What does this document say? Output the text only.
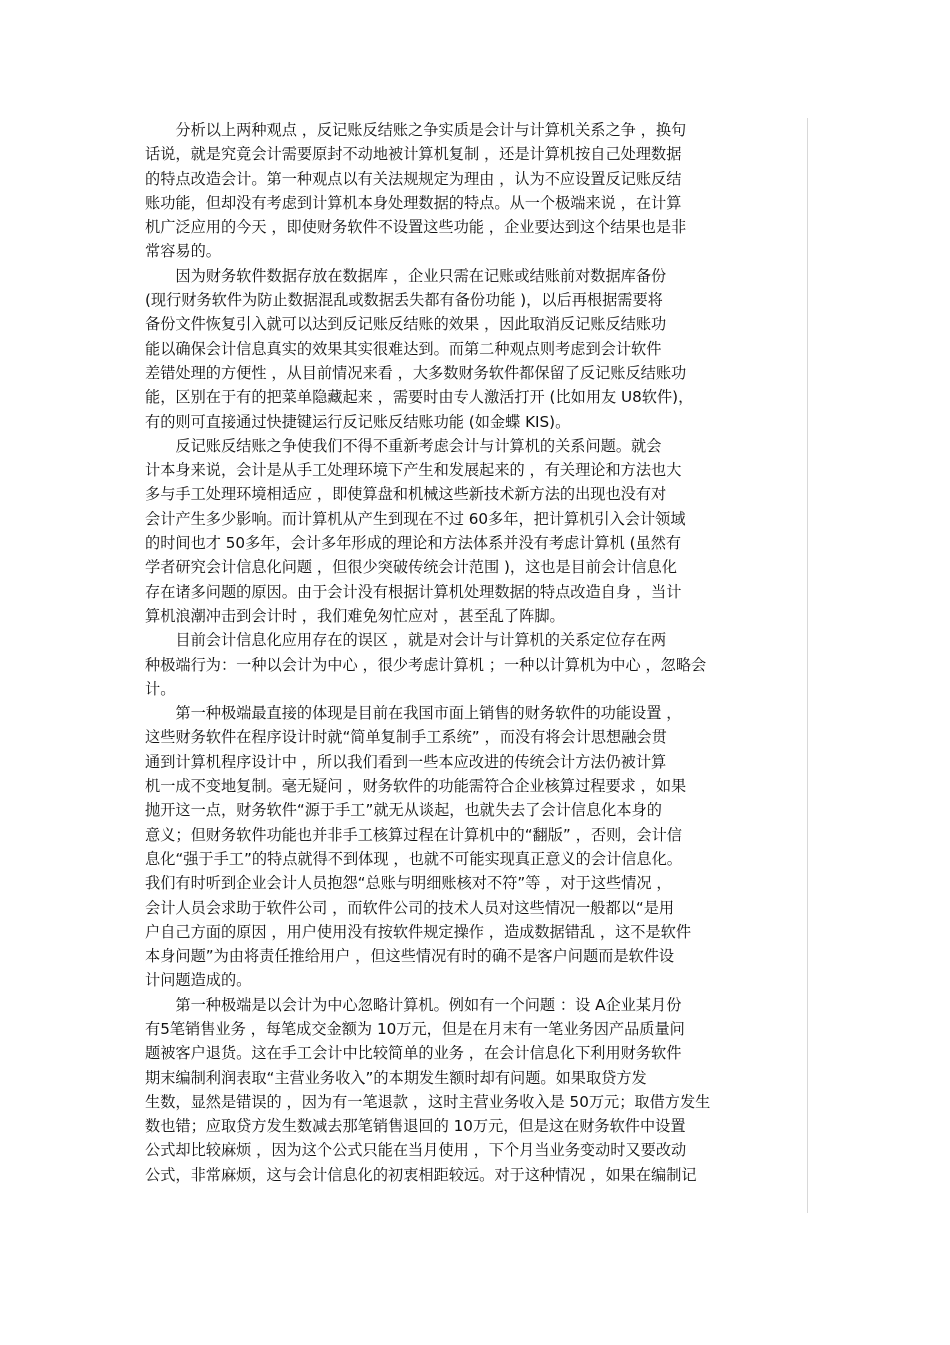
　　分析以上两种观点 ，反记账反结账之争实质是会计与计算机关系之争 ，换句
话说，就是究竟会计需要原封不动地被计算机复制 ，还是计算机按自己处理数据
的特点改造会计。第一种观点以有关法规规定为理由 ，认为不应设置反记账反结
账功能，但却没有考虑到计算机本身处理数据的特点。从一个极端来说 ，在计算
机广泛应用的今天 ，即使财务软件不设置这些功能 ，企业要达到这个结果也是非
常容易的。
　　因为财务软件数据存放在数据库 ，企业只需在记账或结账前对数据库备份
(现行财务软件为防止数据混乱或数据丢失都有备份功能 )，以后再根据需要将
备份文件恢复引入就可以达到反记账反结账的效果 ，因此取消反记账反结账功
能以确保会计信息真实的效果其实很难达到。而第二种观点则考虑到会计软件
差错处理的方便性 ，从目前情况来看 ，大多数财务软件都保留了反记账反结账功
能，区别在于有的把菜单隐藏起来 ，需要时由专人激活打开 (比如用友 U8软件)，
有的则可直接通过快捷键运行反记账反结账功能 (如金蝶 KIS)。
　　反记账反结账之争使我们不得不重新考虑会计与计算机的关系问题。就会
计本身来说，会计是从手工处理环境下产生和发展起来的 ，有关理论和方法也大
多与手工处理环境相适应 ，即使算盘和机械这些新技术新方法的出现也没有对
会计产生多少影响。而计算机从产生到现在不过 60多年，把计算机引入会计领域
的时间也才 50多年，会计多年形成的理论和方法体系并没有考虑计算机 (虽然有
学者研究会计信息化问题 ，但很少突破传统会计范围 )，这也是目前会计信息化
存在诸多问题的原因。由于会计没有根据计算机处理数据的特点改造自身 ，当计
算机浪潮冲击到会计时 ，我们难免匆忙应对 ，甚至乱了阵脚。
　　目前会计信息化应用存在的误区 ，就是对会计与计算机的关系定位存在两
种极端行为：一种以会计为中心 ，很少考虑计算机 ；一种以计算机为中心 ，忽略会
计。
　　第一种极端最直接的体现是目前在我国市面上销售的财务软件的功能设置 ，
这些财务软件在程序设计时就“简单复制手工系统” ，而没有将会计思想融会贯
通到计算机程序设计中 ，所以我们看到一些本应改进的传统会计方法仍被计算
机一成不变地复制。毫无疑问 ，财务软件的功能需符合企业核算过程要求 ，如果
抛开这一点，财务软件“源于手工”就无从谈起，也就失去了会计信息化本身的
意义；但财务软件功能也并非手工核算过程在计算机中的“翻版” ，否则，会计信
息化“强于手工”的特点就得不到体现 ，也就不可能实现真正意义的会计信息化。
我们有时听到企业会计人员抱怨“总账与明细账核对不符”等 ，对于这些情况 ，
会计人员会求助于软件公司 ，而软件公司的技术人员对这些情况一般都以“是用
户自己方面的原因 ，用户使用没有按软件规定操作 ，造成数据错乱 ，这不是软件
本身问题”为由将责任推给用户 ，但这些情况有时的确不是客户问题而是软件设
计问题造成的。
　　第一种极端是以会计为中心忽略计算机。例如有一个问题 ：设 A企业某月份
有5笔销售业务 ，每笔成交金额为 10万元，但是在月末有一笔业务因产品质量问
题被客户退货。这在手工会计中比较简单的业务 ，在会计信息化下利用财务软件
期末编制利润表取“主营业务收入”的本期发生额时却有问题。如果取贷方发
生数，显然是错误的 ，因为有一笔退款 ，这时主营业务收入是 50万元；取借方发生
数也错；应取贷方发生数减去那笔销售退回的 10万元，但是这在财务软件中设置
公式却比较麻烦 ，因为这个公式只能在当月使用 ，下个月当业务变动时又要改动
公式，非常麻烦，这与会计信息化的初衷相距较远。对于这种情况 ，如果在编制记
